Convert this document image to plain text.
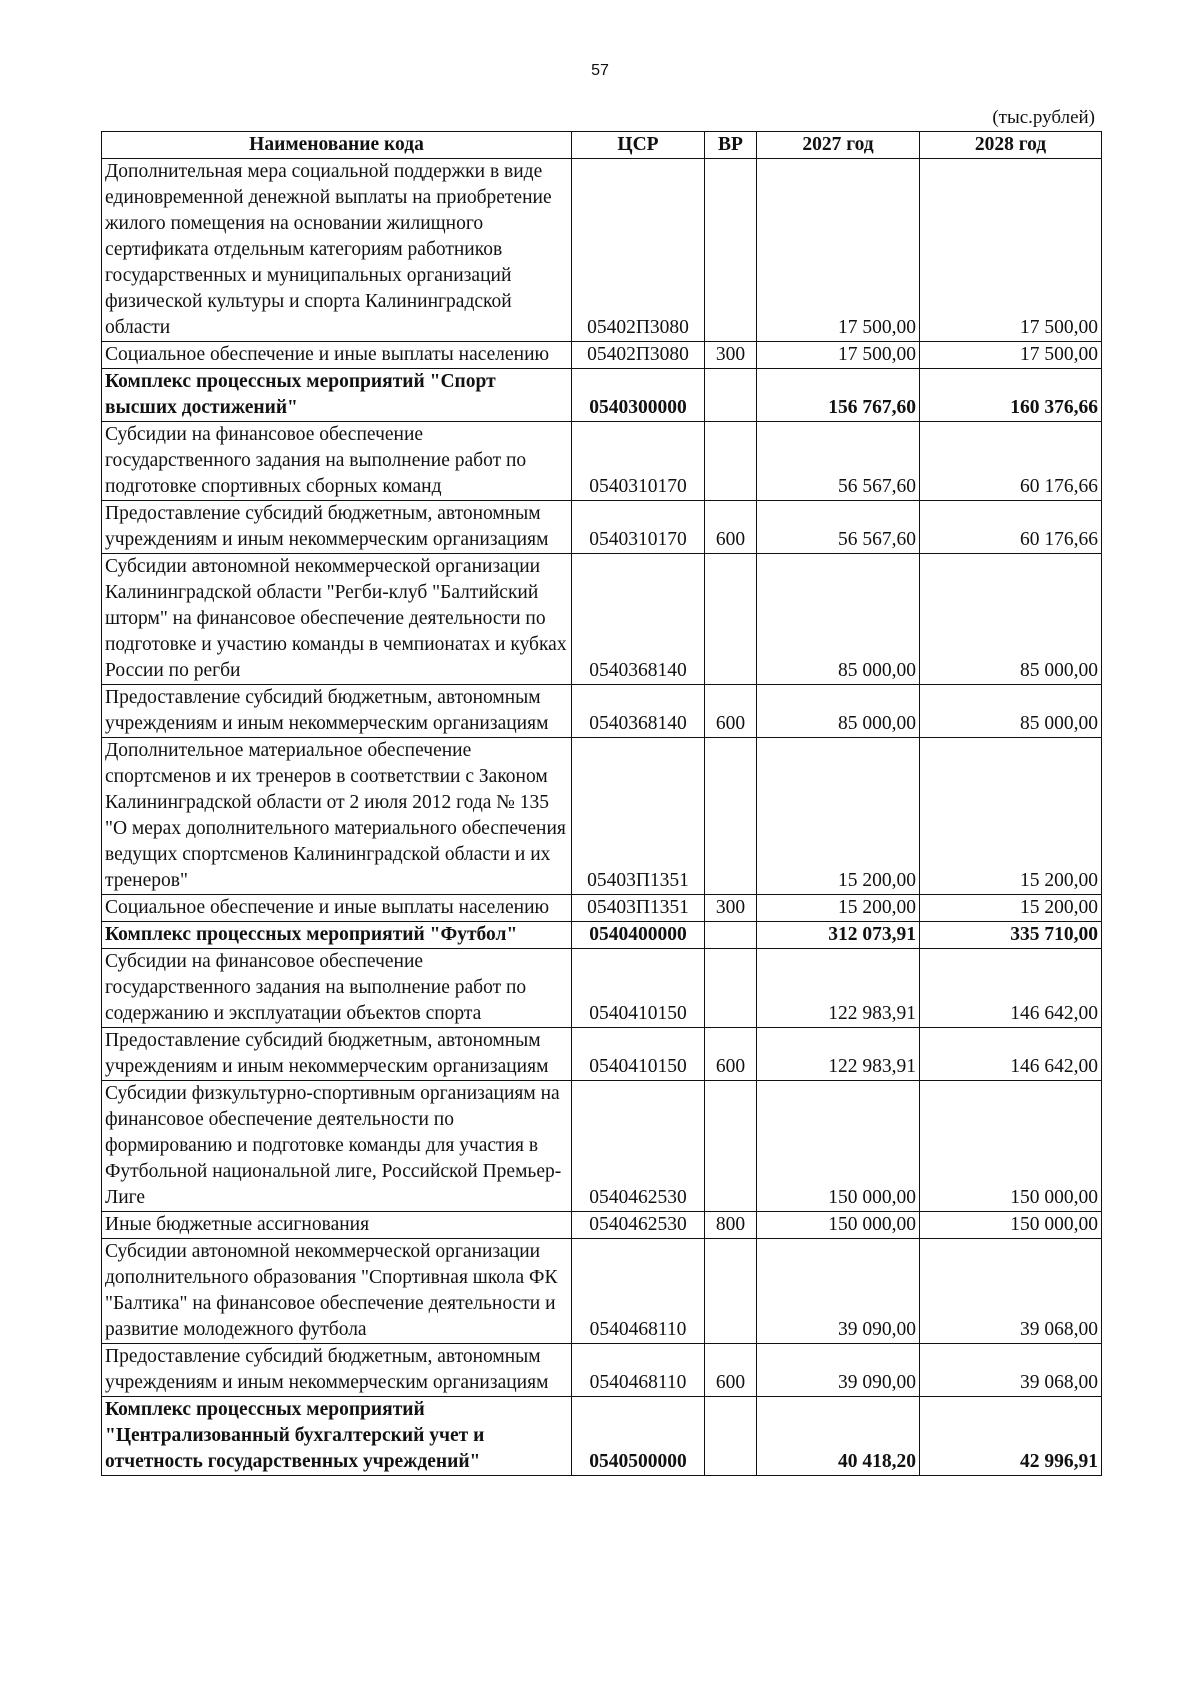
57
(тыс.рублей)
Наименование кода	ЦСР	ВР	2027 год	2028 год
Дополнительная мера социальной поддержки в виде единовременной денежной выплаты на приобретение жилого помещения на основании жилищного сертификата отдельным категориям работников государственных и муниципальных организаций физической культуры и спорта Калининградской области	05402П3080		17 500,00	17 500,00
Социальное обеспечение и иные выплаты населению	05402П3080	300	17 500,00	17 500,00
Комплекс процессных мероприятий "Спорт высших достижений"	0540300000		156 767,60	160 376,66
Субсидии на финансовое обеспечение государственного задания на выполнение работ по подготовке спортивных сборных команд	0540310170		56 567,60	60 176,66
Предоставление субсидий бюджетным, автономным учреждениям и иным некоммерческим организациям	0540310170	600	56 567,60	60 176,66
Субсидии автономной некоммерческой организации Калининградской области "Регби-клуб "Балтийский шторм" на финансовое обеспечение деятельности по подготовке и участию команды в чемпионатах и кубках России по регби	0540368140		85 000,00	85 000,00
Предоставление субсидий бюджетным, автономным учреждениям и иным некоммерческим организациям	0540368140	600	85 000,00	85 000,00
Дополнительное материальное обеспечение спортсменов и их тренеров в соответствии с Законом Калининградской области от 2 июля 2012 года № 135 "О мерах дополнительного материального обеспечения ведущих спортсменов Калининградской области и их тренеров"	05403П1351		15 200,00	15 200,00
Социальное обеспечение и иные выплаты населению	05403П1351	300	15 200,00	15 200,00
Комплекс процессных мероприятий "Футбол"	0540400000		312 073,91	335 710,00
Субсидии на финансовое обеспечение государственного задания на выполнение работ по содержанию и эксплуатации объектов спорта	0540410150		122 983,91	146 642,00
Предоставление субсидий бюджетным, автономным учреждениям и иным некоммерческим организациям	0540410150	600	122 983,91	146 642,00
Субсидии физкультурно-спортивным организациям на финансовое обеспечение деятельности по формированию и подготовке команды для участия в Футбольной национальной лиге, Российской Премьер-Лиге	0540462530		150 000,00	150 000,00
Иные бюджетные ассигнования	0540462530	800	150 000,00	150 000,00
Субсидии автономной некоммерческой организации дополнительного образования "Спортивная школа ФК "Балтика" на финансовое обеспечение деятельности и развитие молодежного футбола	0540468110		39 090,00	39 068,00
Предоставление субсидий бюджетным, автономным учреждениям и иным некоммерческим организациям	0540468110	600	39 090,00	39 068,00
Комплекс процессных мероприятий "Централизованный бухгалтерский учет и отчетность государственных учреждений"	0540500000		40 418,20	42 996,91
